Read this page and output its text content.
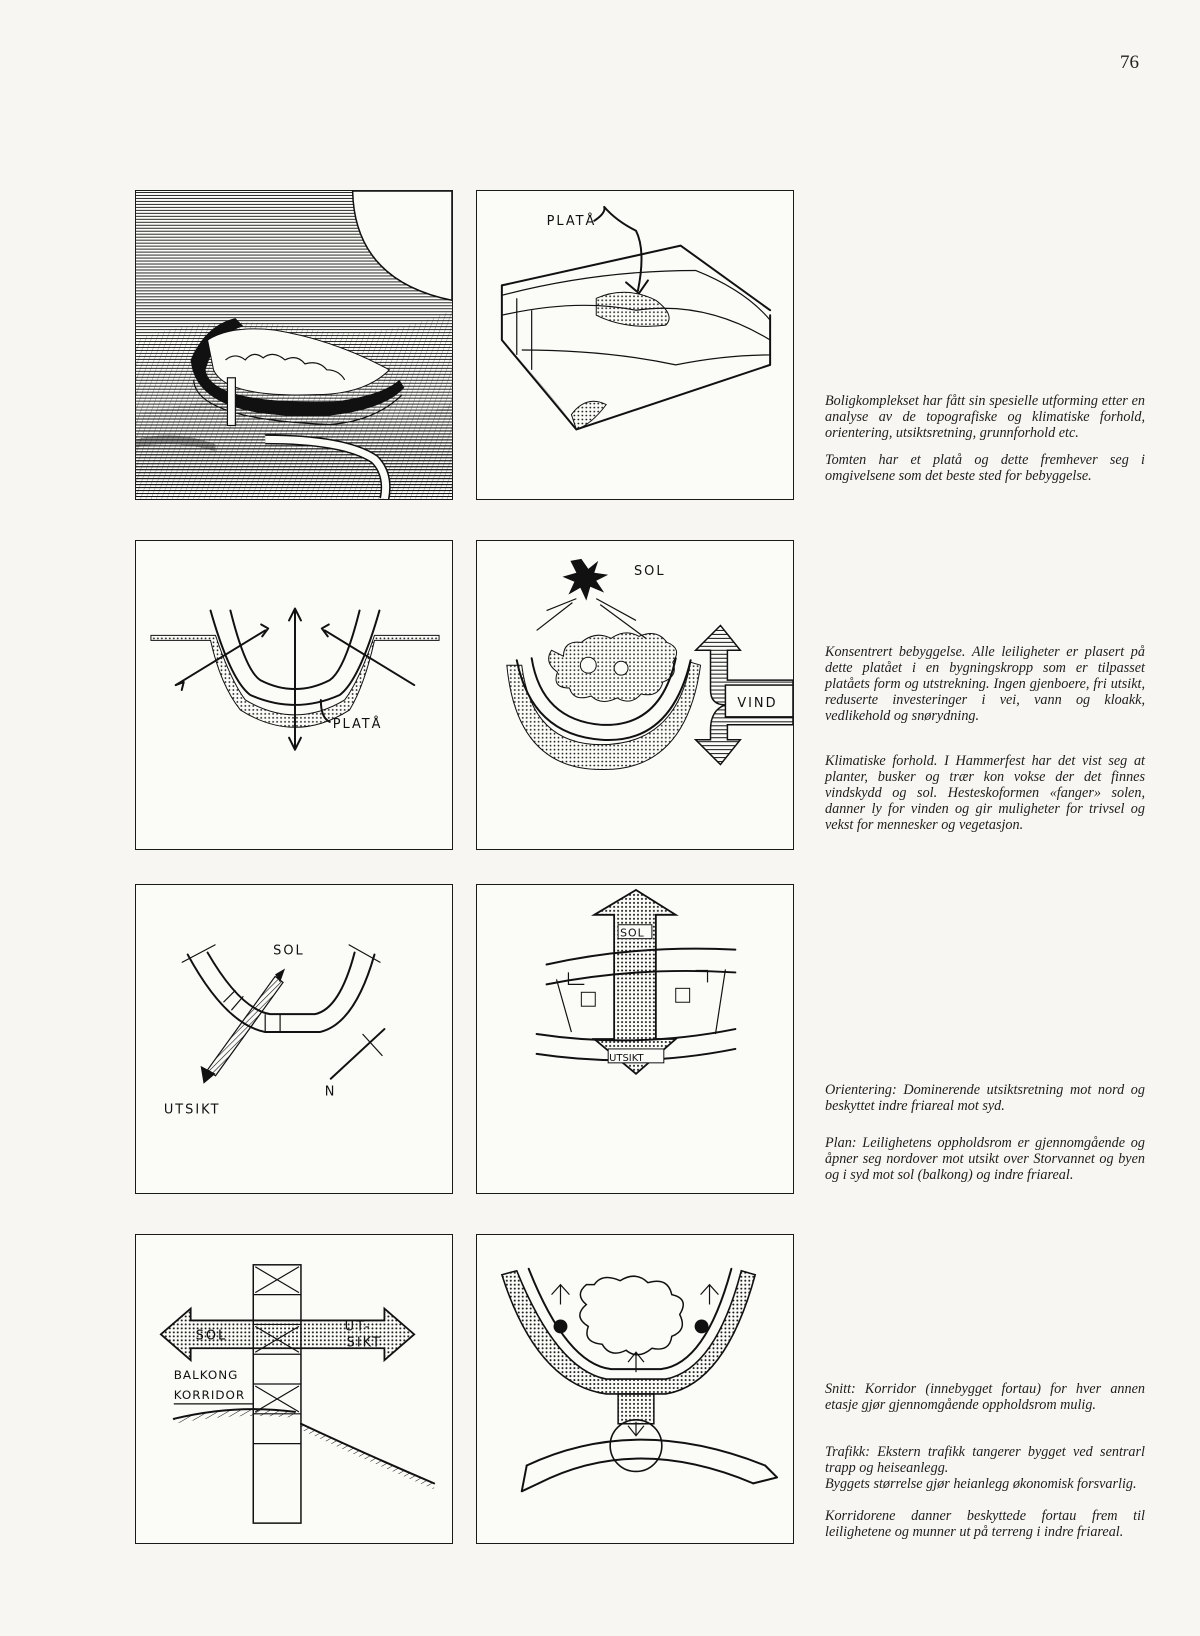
76
PLATÅ
Boligkomplekset har fått sin spesielle utforming etter en analyse av de topografiske og klimatiske forhold, orientering, utsiktsretning, grunnforhold etc.
Tomten har et platå og dette fremhever seg i omgivelsene som det beste sted for bebyggelse.
PLATÅ
SOL
VIND
Konsentrert bebyggelse. Alle leiligheter er plasert på dette platået i en bygningskropp som er tilpasset platåets form og utstrekning. Ingen gjenboere, fri utsikt, reduserte investeringer i vei, vann og kloakk, vedlikehold og snørydning.
Klimatiske forhold. I Hammerfest har det vist seg at planter, busker og trær kon vokse der det finnes vindskydd og sol. Hesteskoformen «fanger» solen, danner ly for vinden og gir muligheter for trivsel og vekst for mennesker og vegetasjon.
SOL
UTSIKT
N
SOL
UTSIKT
Orientering: Dominerende utsiktsretning mot nord og beskyttet indre friareal mot syd.
Plan: Leilighetens oppholdsrom er gjennomgående og åpner seg nordover mot utsikt over Storvannet og byen og i syd mot sol (balkong) og indre friareal.
SOL
UT-
SIKT
BALKONG
KORRIDOR	Snitt: Korridor (innebygget fortau) for hver annen etasje gjør gjennomgående oppholdsrom mulig.
Trafikk: Ekstern trafikk tangerer bygget ved sentrarl trapp og heiseanlegg.
Byggets størrelse gjør heianlegg økonomisk forsvarlig.
Korridorene danner beskyttede fortau frem til leilighetene og munner ut på terreng i indre friareal.
